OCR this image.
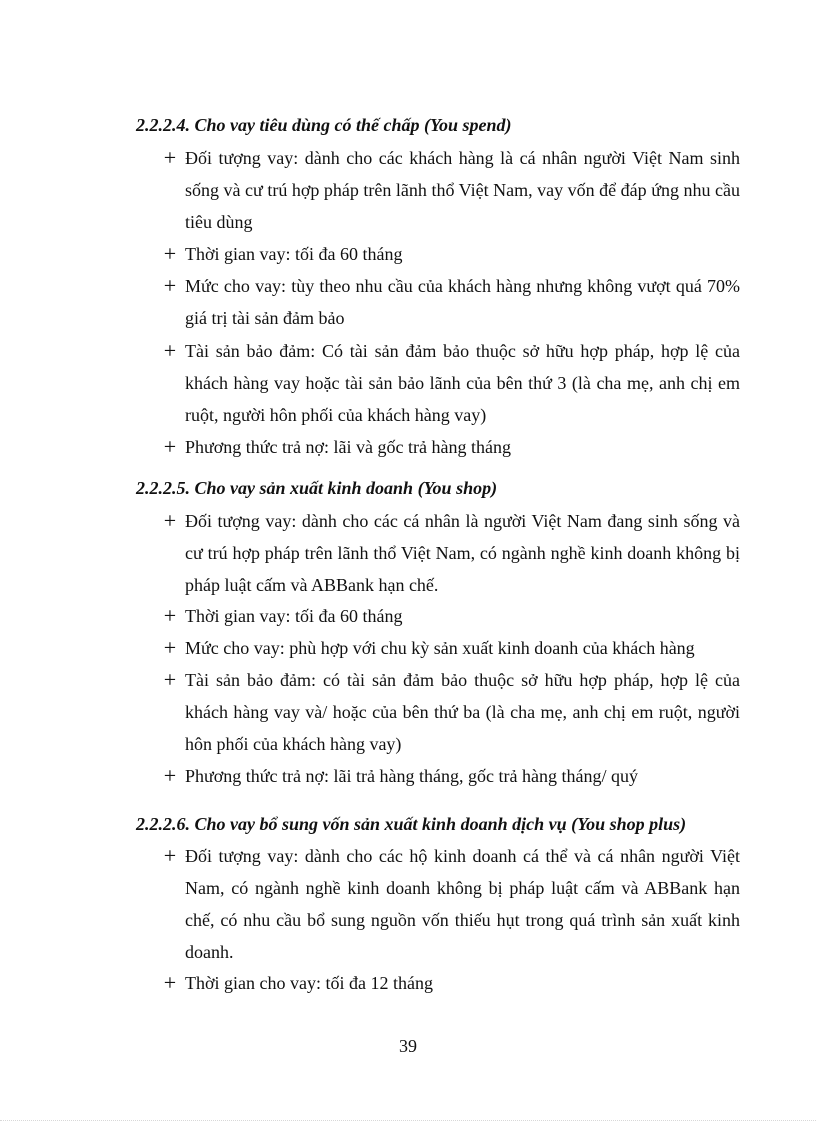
2.2.2.4. Cho vay tiêu dùng có thế chấp (You spend)
+ Đối tượng vay: dành cho các khách hàng là cá nhân người Việt Nam sinh sống và cư trú hợp pháp trên lãnh thổ Việt Nam, vay vốn để đáp ứng nhu cầu tiêu dùng
+ Thời gian vay: tối đa 60 tháng
+ Mức cho vay: tùy theo nhu cầu của khách hàng nhưng không vượt quá 70% giá trị tài sản đảm bảo
+ Tài sản bảo đảm: Có tài sản đảm bảo thuộc sở hữu hợp pháp, hợp lệ của khách hàng vay hoặc tài sản bảo lãnh của bên thứ 3 (là cha mẹ, anh chị em ruột, người hôn phối của khách hàng vay)
+ Phương thức trả nợ: lãi và gốc trả hàng tháng
2.2.2.5. Cho vay sản xuất kinh doanh (You shop)
+ Đối tượng vay: dành cho các cá nhân là người Việt Nam đang sinh sống và cư trú hợp pháp trên lãnh thổ Việt Nam, có ngành nghề kinh doanh không bị pháp luật cấm và ABBank hạn chế.
+ Thời gian vay: tối đa 60 tháng
+ Mức cho vay: phù hợp với chu kỳ sản xuất kinh doanh của khách hàng
+ Tài sản bảo đảm: có tài sản đảm bảo thuộc sở hữu hợp pháp, hợp lệ của khách hàng vay và/ hoặc của bên thứ ba (là cha mẹ, anh chị em ruột, người hôn phối của khách hàng vay)
+ Phương thức trả nợ: lãi trả hàng tháng, gốc trả hàng tháng/ quý
2.2.2.6. Cho vay bổ sung vốn sản xuất kinh doanh dịch vụ (You shop plus)
+ Đối tượng vay: dành cho các hộ kinh doanh cá thể và cá nhân người Việt Nam, có ngành nghề kinh doanh không bị pháp luật cấm và ABBank hạn chế, có nhu cầu bổ sung nguồn vốn thiếu hụt trong quá trình sản xuất kinh doanh.
+ Thời gian cho vay: tối đa 12 tháng
39
